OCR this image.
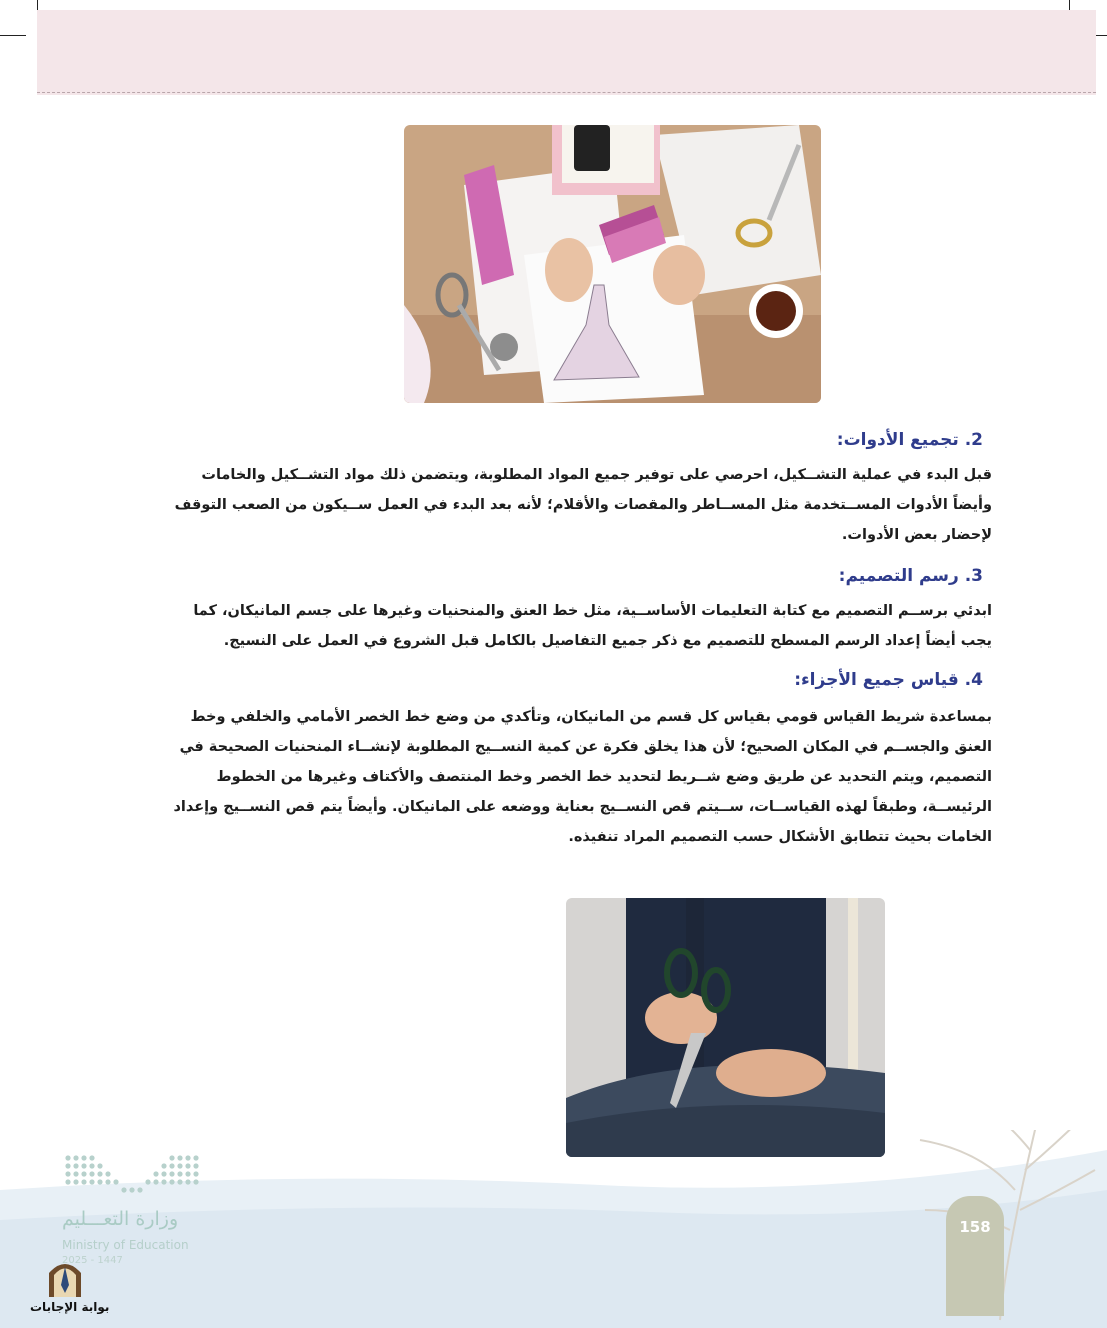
2. تجميع الأدوات:
قبل البدء في عملية التشــكيل، احرصي على توفير جميع المواد المطلوبة، ويتضمن ذلك مواد التشــكيل والخامات
وأيضاً الأدوات المســتخدمة مثل المســاطر والمقصات والأقلام؛ لأنه بعد البدء في العمل ســيكون من الصعب التوقف
لإحضار بعض الأدوات.
3. رسم التصميم:
ابدئي برســم التصميم مع كتابة التعليمات الأساســية، مثل خط العنق والمنحنيات وغيرها على جسم المانيكان، كما
يجب أيضاً إعداد الرسم المسطح للتصميم مع ذكر جميع التفاصيل بالكامل قبل الشروع في العمل على النسيج.
4. قياس جميع الأجزاء:
بمساعدة شريط القياس قومي بقياس كل قسم من المانيكان، وتأكدي من وضع خط الخصر الأمامي والخلفي وخط
العنق والجســم في المكان الصحيح؛ لأن هذا يخلق فكرة عن كمية النســيج المطلوبة لإنشــاء المنحنيات الصحيحة في
التصميم، ويتم التحديد عن طريق وضع شــريط لتحديد خط الخصر وخط المنتصف والأكتاف وغيرها من الخطوط
الرئيســة، وطبقاً لهذه القياســات، ســيتم قص النســيج بعناية ووضعه على المانيكان. وأيضاً يتم قص النســيج وإعداد
الخامات بحيث تتطابق الأشكال حسب التصميم المراد تنفيذه.
158
وزارة التعـــليم
Ministry of Education
2025 - 1447
بوابة الإجابات
